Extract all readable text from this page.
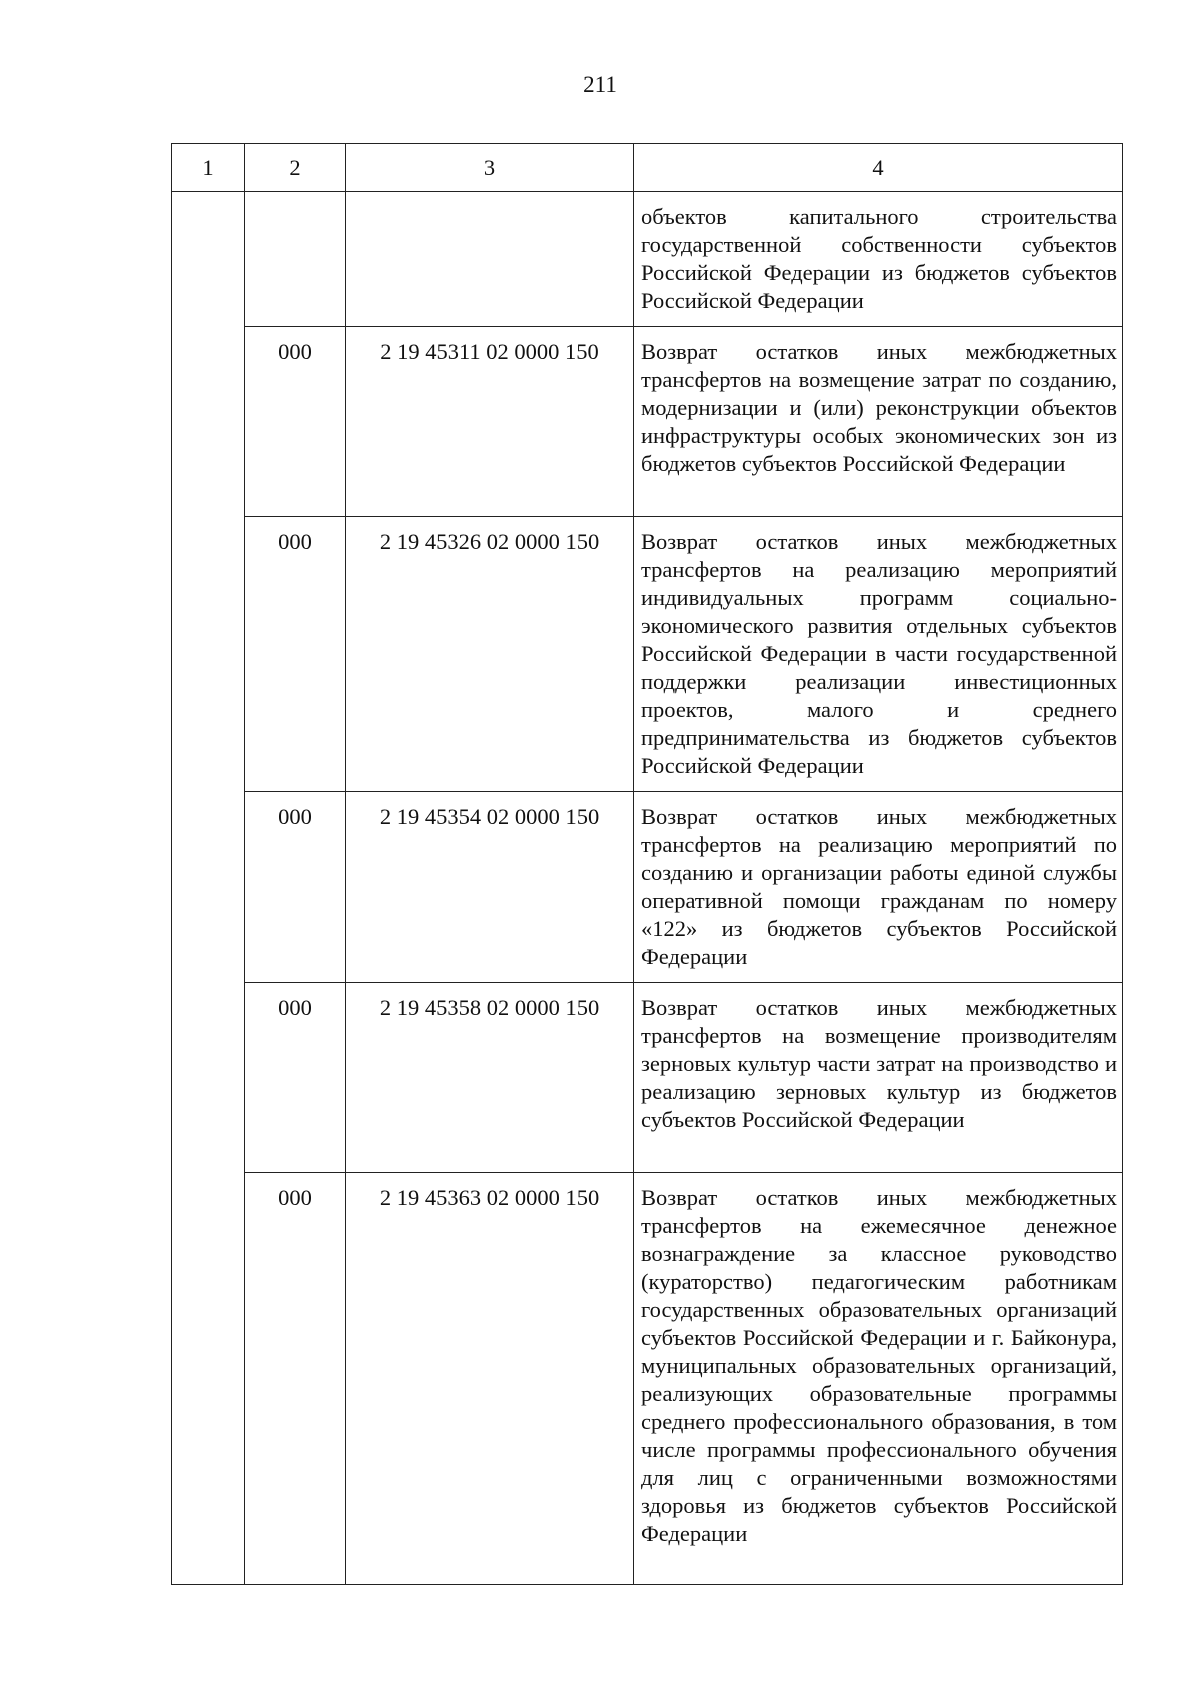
211
1	2	3	4
			объектов капитального строительства государственной собственности субъектов Российской Федерации из бюджетов субъектов Российской Федерации
	000	2 19 45311 02 0000 150	Возврат остатков иных межбюджетных трансфертов на возмещение затрат по созданию, модернизации и (или) реконструкции объектов инфраструктуры особых экономических зон из бюджетов субъектов Российской Федерации
	000	2 19 45326 02 0000 150	Возврат остатков иных межбюджетных трансфертов на реализацию мероприятий индивидуальных программ социально-экономического развития отдельных субъектов Российской Федерации в части государственной поддержки реализации инвестиционных проектов, малого и среднего предпринимательства из бюджетов субъектов Российской Федерации
	000	2 19 45354 02 0000 150	Возврат остатков иных межбюджетных трансфертов на реализацию мероприятий по созданию и организации работы единой службы оперативной помощи гражданам по номеру «122» из бюджетов субъектов Российской Федерации
	000	2 19 45358 02 0000 150	Возврат остатков иных межбюджетных трансфертов на возмещение производителям зерновых культур части затрат на производство и реализацию зерновых культур из бюджетов субъектов Российской Федерации
	000	2 19 45363 02 0000 150	Возврат остатков иных межбюджетных трансфертов на ежемесячное денежное вознаграждение за классное руководство (кураторство) педагогическим работникам государственных образовательных организаций субъектов Российской Федерации и г. Байконура, муниципальных образовательных организаций, реализующих образовательные программы среднего профессионального образования, в том числе программы профессионального обучения для лиц с ограниченными возможностями здоровья из бюджетов субъектов Российской Федерации
